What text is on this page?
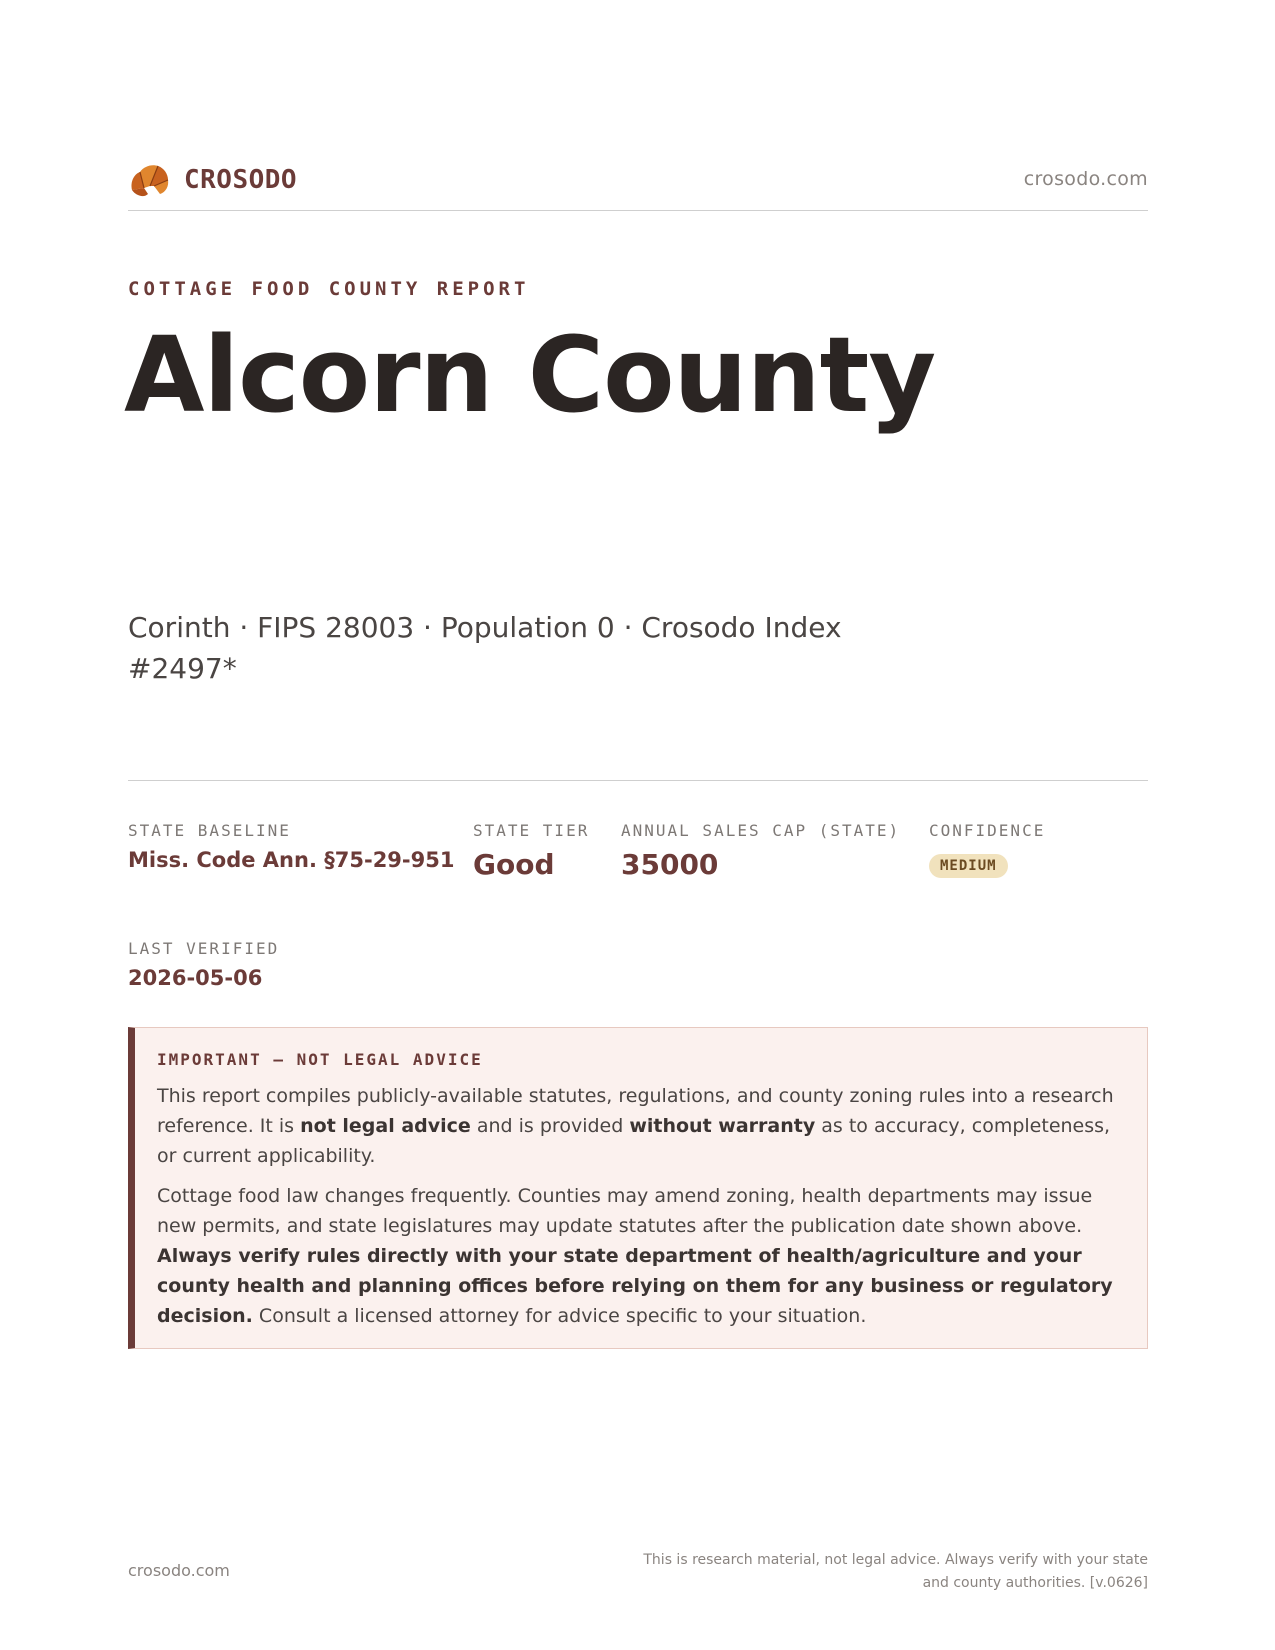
CROSODO	crosodo.com
COTTAGE FOOD COUNTY REPORT
Alcorn County
Corinth · FIPS 28003 · Population 0 · Crosodo Index #2497*
STATE BASELINE
Miss. Code Ann. §75-29-951
STATE TIER
Good
ANNUAL SALES CAP (STATE)
35000
CONFIDENCE
MEDIUM
LAST VERIFIED
2026-05-06
IMPORTANT — NOT LEGAL ADVICE

This report compiles publicly-available statutes, regulations, and county zoning rules into a research reference. It is not legal advice and is provided without warranty as to accuracy, completeness, or current applicability.

Cottage food law changes frequently. Counties may amend zoning, health departments may issue new permits, and state legislatures may update statutes after the publication date shown above. Always verify rules directly with your state department of health/agriculture and your county health and planning offices before relying on them for any business or regulatory decision. Consult a licensed attorney for advice specific to your situation.

crosodo.com
This is research material, not legal advice. Always verify with your state
and county authorities. [v.0626]
